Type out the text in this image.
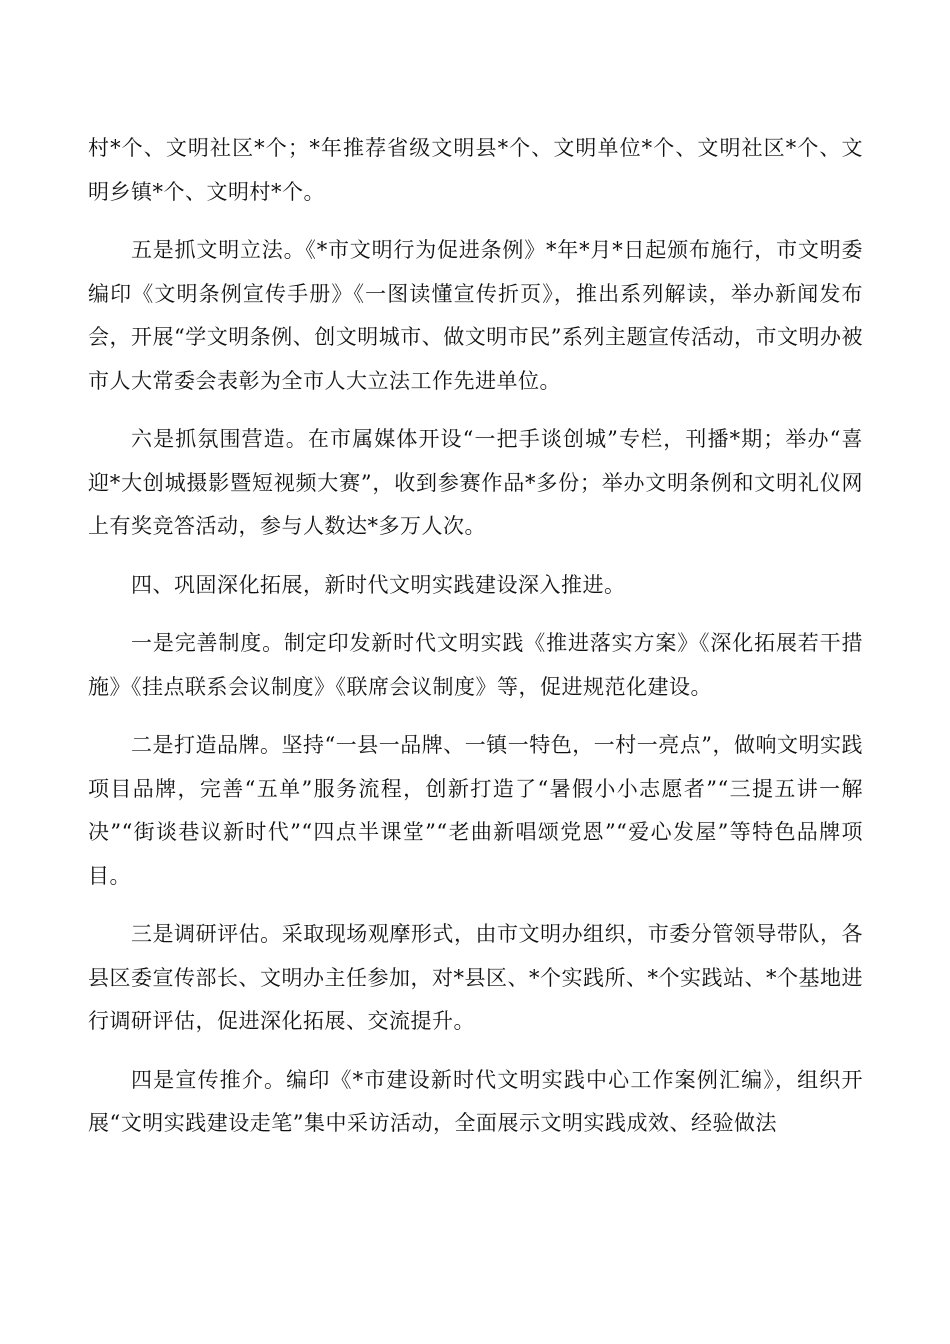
村*个、文明社区*个；*年推荐省级文明县*个、文明单位*个、文明社区*个、文明乡镇*个、文明村*个。

五是抓文明立法。《*市文明行为促进条例》*年*月*日起颁布施行，市文明委编印《文明条例宣传手册》《一图读懂宣传折页》，推出系列解读，举办新闻发布会，开展“学文明条例、创文明城市、做文明市民”系列主题宣传活动，市文明办被市人大常委会表彰为全市人大立法工作先进单位。

六是抓氛围营造。在市属媒体开设“一把手谈创城”专栏，刊播*期；举办“喜迎*大创城摄影暨短视频大赛”，收到参赛作品*多份；举办文明条例和文明礼仪网上有奖竞答活动，参与人数达*多万人次。

四、巩固深化拓展，新时代文明实践建设深入推进。

一是完善制度。制定印发新时代文明实践《推进落实方案》《深化拓展若干措施》《挂点联系会议制度》《联席会议制度》等，促进规范化建设。

二是打造品牌。坚持“一县一品牌、一镇一特色，一村一亮点”，做响文明实践项目品牌，完善“五单”服务流程，创新打造了“暑假小小志愿者”“三提五讲一解决”“街谈巷议新时代”“四点半课堂”“老曲新唱颂党恩”“爱心发屋”等特色品牌项目。

三是调研评估。采取现场观摩形式，由市文明办组织，市委分管领导带队，各县区委宣传部长、文明办主任参加，对*县区、*个实践所、*个实践站、*个基地进行调研评估，促进深化拓展、交流提升。

四是宣传推介。编印《*市建设新时代文明实践中心工作案例汇编》，组织开展“文明实践建设走笔”集中采访活动，全面展示文明实践成效、经验做法
